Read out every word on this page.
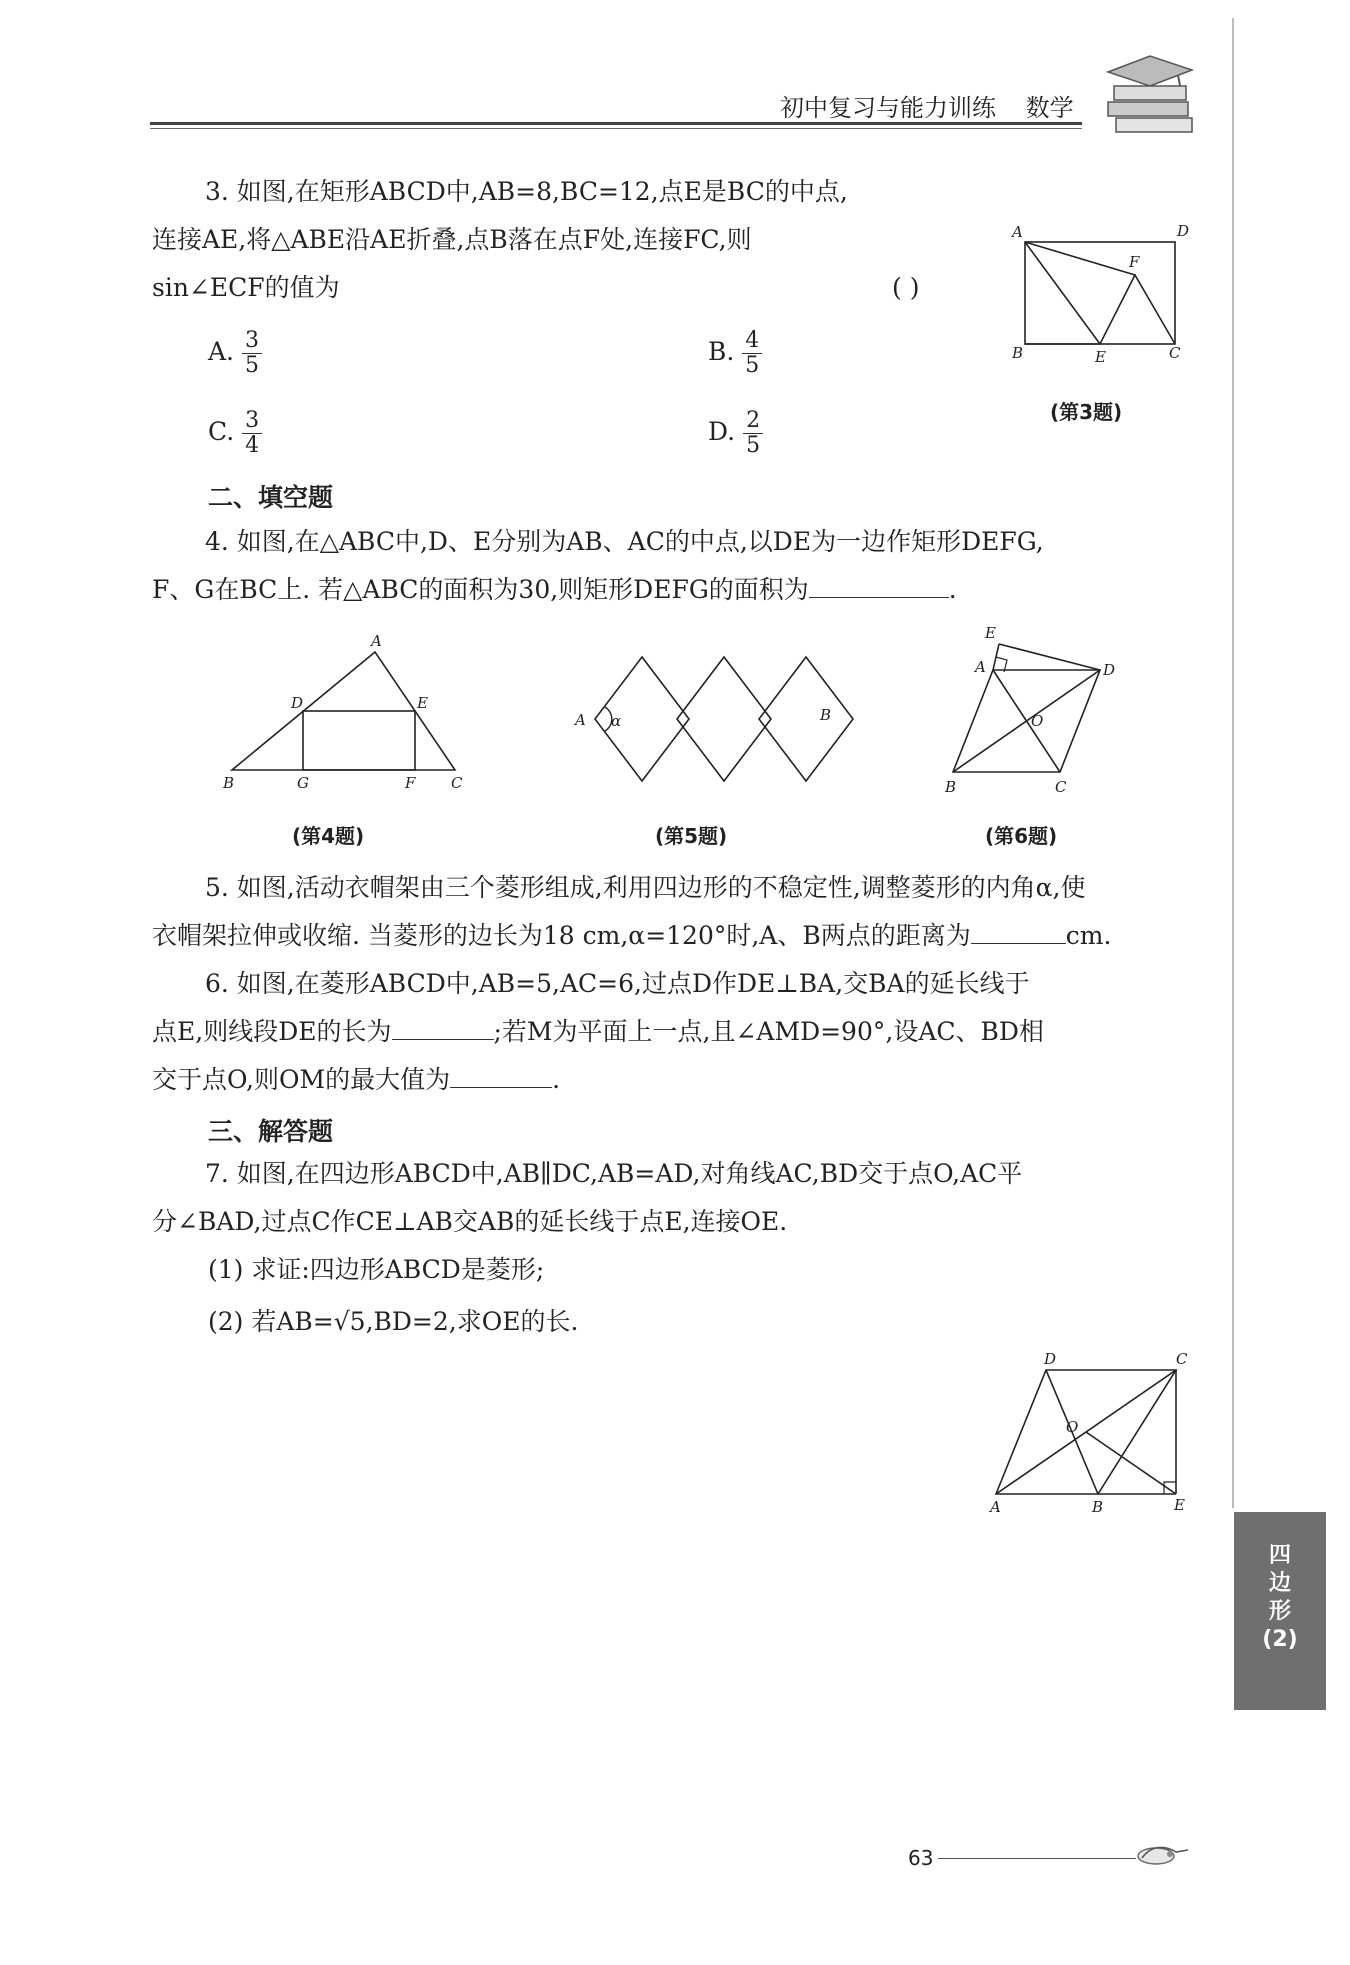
初中复习与能力训练 数学
3. 如图,在矩形ABCD中,AB=8,BC=12,点E是BC的中点,
连接AE,将△ABE沿AE折叠,点B落在点F处,连接FC,则
sin∠ECF的值为	( )
A. $\frac{3}{5}$	B. $\frac{4}{5}$
C. $\frac{3}{4}$	D. $\frac{2}{5}$
A	D
F
B	E	C
(第3题)
二、填空题
4. 如图,在△ABC中,D、E分别为AB、AC的中点,以DE为一边作矩形DEFG,
F、G在BC上. 若△ABC的面积为30,则矩形DEFG的面积为	.
A
D	E
B	G	F C
(第4题)
A α	B
(第5题)
E
A	D
O
B	C
(第6题)
5. 如图,活动衣帽架由三个菱形组成,利用四边形的不稳定性,调整菱形的内角α,使
衣帽架拉伸或收缩. 当菱形的边长为18 cm,α=120°时,A、B两点的距离为	cm.
6. 如图,在菱形ABCD中,AB=5,AC=6,过点D作DE⊥BA,交BA的延长线于
点E,则线段DE的长为	;若M为平面上一点,且∠AMD=90°,设AC、BD相
交于点O,则OM的最大值为	.
三、解答题
7. 如图,在四边形ABCD中,AB∥DC,AB=AD,对角线AC,BD交于点O,AC平
分∠BAD,过点C作CE⊥AB交AB的延长线于点E,连接OE.
(1) 求证:四边形ABCD是菱形;
(2) 若AB=√5,BD=2,求OE的长.
D	C
O
A	B	E
四
边
形
(2)
63
